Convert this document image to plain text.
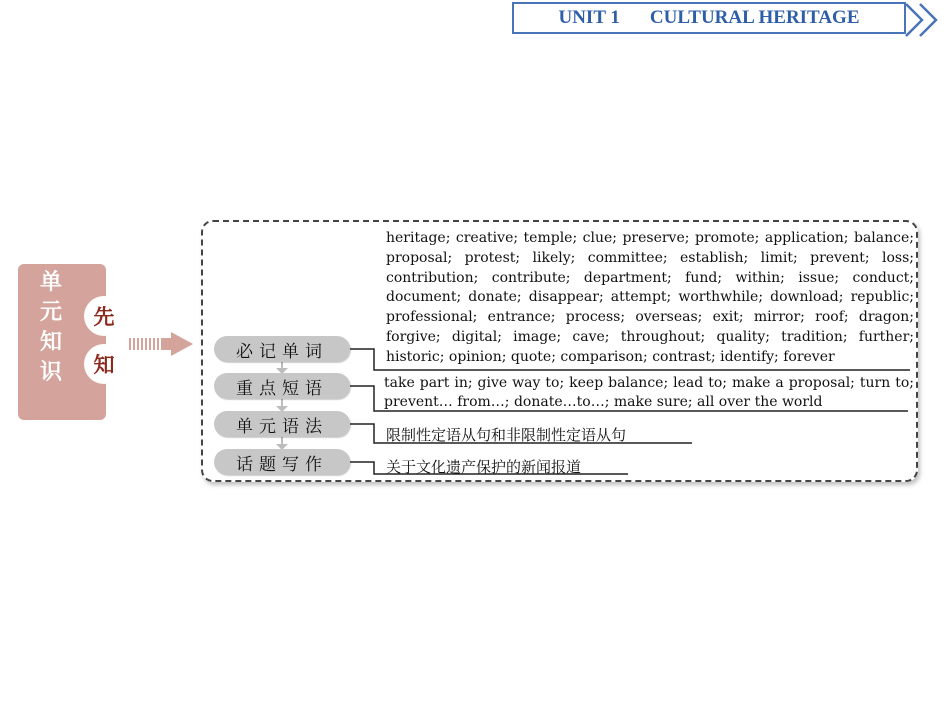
UNIT 1 CULTURAL HERITAGE
单
元
知
识
先
知
必记单词
重点短语
单元语法
话题写作
heritage; creative; temple; clue; preserve; promote; application; balance; proposal; protest; likely; committee; establish; limit; prevent; loss; contribution; contribute; department; fund; within; issue; conduct; document; donate; disappear; attempt; worthwhile; download; republic; professional; entrance; process; overseas; exit; mirror; roof; dragon; forgive; digital; image; cave; throughout; quality; tradition; further; historic; opinion; quote; comparison; contrast; identify; forever
take part in; give way to; keep balance; lead to; make a proposal; turn to; prevent… from…; donate…to…; make sure; all over the world
限制性定语从句和非限制性定语从句
关于文化遗产保护的新闻报道
